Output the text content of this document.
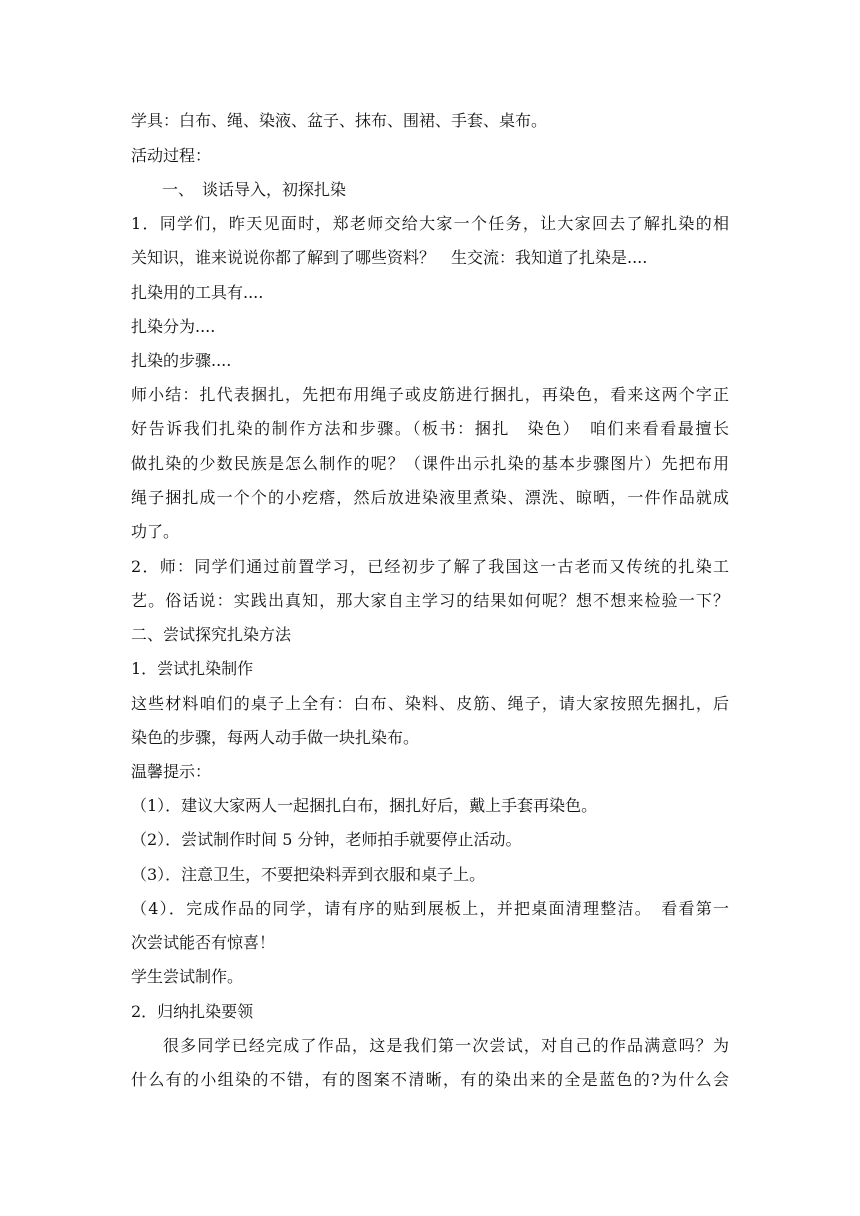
学具：白布、绳、染液、盆子、抹布、围裙、手套、桌布。
活动过程：
一、　谈话导入，初探扎染
1．同学们，昨天见面时，郑老师交给大家一个任务，让大家回去了解扎染的相
关知识，谁来说说你都了解到了哪些资料？　生交流：我知道了扎染是....
扎染用的工具有....
扎染分为....
扎染的步骤....
师小结：扎代表捆扎，先把布用绳子或皮筋进行捆扎，再染色，看来这两个字正
好告诉我们扎染的制作方法和步骤。（板书：捆扎　染色）　咱们来看看最擅长
做扎染的少数民族是怎么制作的呢？（课件出示扎染的基本步骤图片）先把布用
绳子捆扎成一个个的小疙瘩，然后放进染液里煮染、漂洗、晾晒，一件作品就成
功了。
2．师：同学们通过前置学习，已经初步了解了我国这一古老而又传统的扎染工
艺。俗话说：实践出真知，那大家自主学习的结果如何呢？想不想来检验一下？
二、尝试探究扎染方法
1．尝试扎染制作
这些材料咱们的桌子上全有：白布、染料、皮筋、绳子，请大家按照先捆扎，后
染色的步骤，每两人动手做一块扎染布。
温馨提示：
（1）．建议大家两人一起捆扎白布，捆扎好后，戴上手套再染色。
（2）．尝试制作时间 5 分钟，老师拍手就要停止活动。
（3）．注意卫生，不要把染料弄到衣服和桌子上。
（4）．完成作品的同学，请有序的贴到展板上，并把桌面清理整洁。　看看第一
次尝试能否有惊喜！
学生尝试制作。
2．归纳扎染要领
很多同学已经完成了作品，这是我们第一次尝试，对自己的作品满意吗？为
什么有的小组染的不错，有的图案不清晰，有的染出来的全是蓝色的?为什么会
